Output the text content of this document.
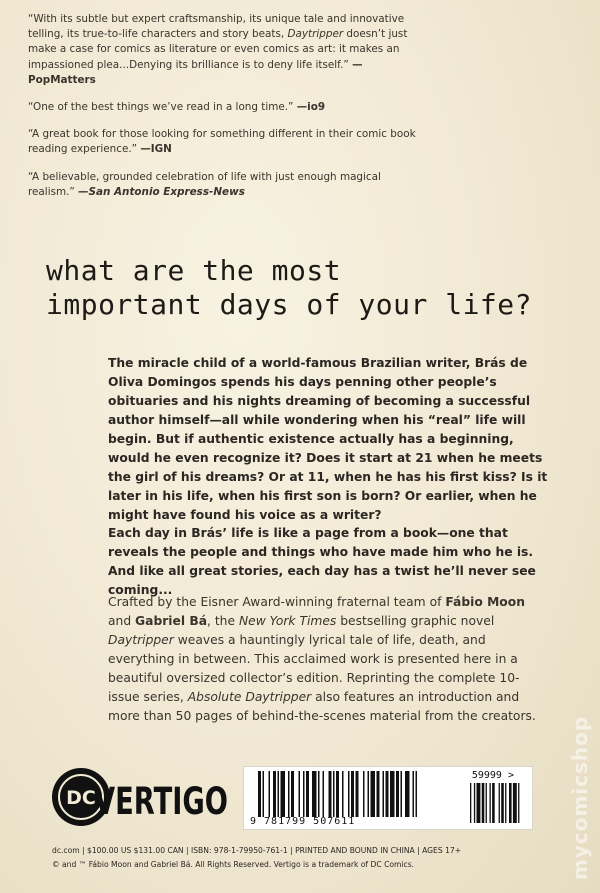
“With its subtle but expert craftsmanship, its unique tale and innovative telling, its true-to-life characters and story beats, Daytripper doesn’t just make a case for comics as literature or even comics as art: it makes an impassioned plea...Denying its brilliance is to deny life itself.” —PopMatters

“One of the best things we’ve read in a long time.” —io9

“A great book for those looking for something different in their comic book reading experience.” —IGN

“A believable, grounded celebration of life with just enough magical realism.” —San Antonio Express-News

what are the most
important days of your life?

The miracle child of a world-famous Brazilian writer, Brás de Oliva Domingos spends his days penning other people’s obituaries and his nights dreaming of becoming a successful author himself—all while wondering when his “real” life will begin. But if authentic existence actually has a beginning, would he even recognize it? Does it start at 21 when he meets the girl of his dreams? Or at 11, when he has his first kiss? Is it later in his life, when his first son is born? Or earlier, when he might have found his voice as a writer?

Each day in Brás’ life is like a page from a book—one that reveals the people and things who have made him who he is. And like all great stories, each day has a twist he’ll never see coming...

Crafted by the Eisner Award-winning fraternal team of Fábio Moon and Gabriel Bá, the New York Times bestselling graphic novel Daytripper weaves a hauntingly lyrical tale of life, death, and everything in between. This acclaimed work is presented here in a beautiful oversized collector’s edition. Reprinting the complete 10-issue series, Absolute Daytripper also features an introduction and more than 50 pages of behind-the-scenes material from the creators.

DC
VERTIGO
59999 >
9 781799 507611
dc.com | $100.00 US $131.00 CAN | ISBN: 978-1-79950-761-1 | PRINTED AND BOUND IN CHINA | AGES 17+
© and ™ Fábio Moon and Gabriel Bá. All Rights Reserved. Vertigo is a trademark of DC Comics.	mycomicshop
